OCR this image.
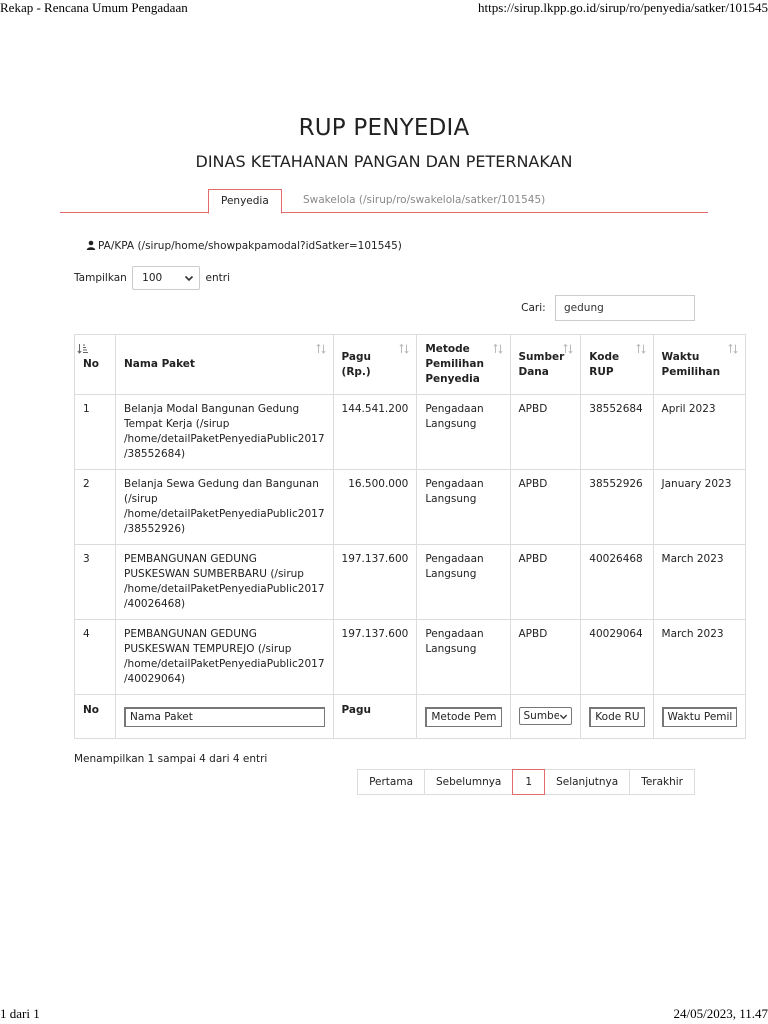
Rekap - Rencana Umum Pengadaan	https://sirup.lkpp.go.id/sirup/ro/penyedia/satker/101545
RUP PENYEDIA
DINAS KETAHANAN PANGAN DAN PETERNAKAN
Penyedia	Swakelola (/sirup/ro/swakelola/satker/101545)
PA/KPA (/sirup/home/showpakpamodal?idSatker=101545)
Tampilkan 100	entri
Cari: gedung
No	Nama Paket	Pagu (Rp.)	Metode Pemilihan Penyedia	Sumber Dana	Kode RUP	Waktu Pemilihan

1	Belanja Modal Bangunan Gedung Tempat Kerja (/sirup /home/detailPaketPenyediaPublic2017 /38552684)	144.541.200	Pengadaan Langsung	APBD	38552684	April 2023
2	Belanja Sewa Gedung dan Bangunan (/sirup /home/detailPaketPenyediaPublic2017 /38552926)	16.500.000	Pengadaan Langsung	APBD	38552926	January 2023
3	PEMBANGUNAN GEDUNG PUSKESWAN SUMBERBARU (/sirup /home/detailPaketPenyediaPublic2017 /40026468)	197.137.600	Pengadaan Langsung	APBD	40026468	March 2023
4	PEMBANGUNAN GEDUNG PUSKESWAN TEMPUREJO (/sirup /home/detailPaketPenyediaPublic2017 /40029064)	197.137.600	Pengadaan Langsung	APBD	40029064	March 2023
No	Nama Paket	Pagu	Metode Pem	Sumbe	Kode RU	Waktu Pemil
Menampilkan 1 sampai 4 dari 4 entri
Pertama	Sebelumnya	1	Selanjutnya	Terakhir
1 dari 1	24/05/2023, 11.47
